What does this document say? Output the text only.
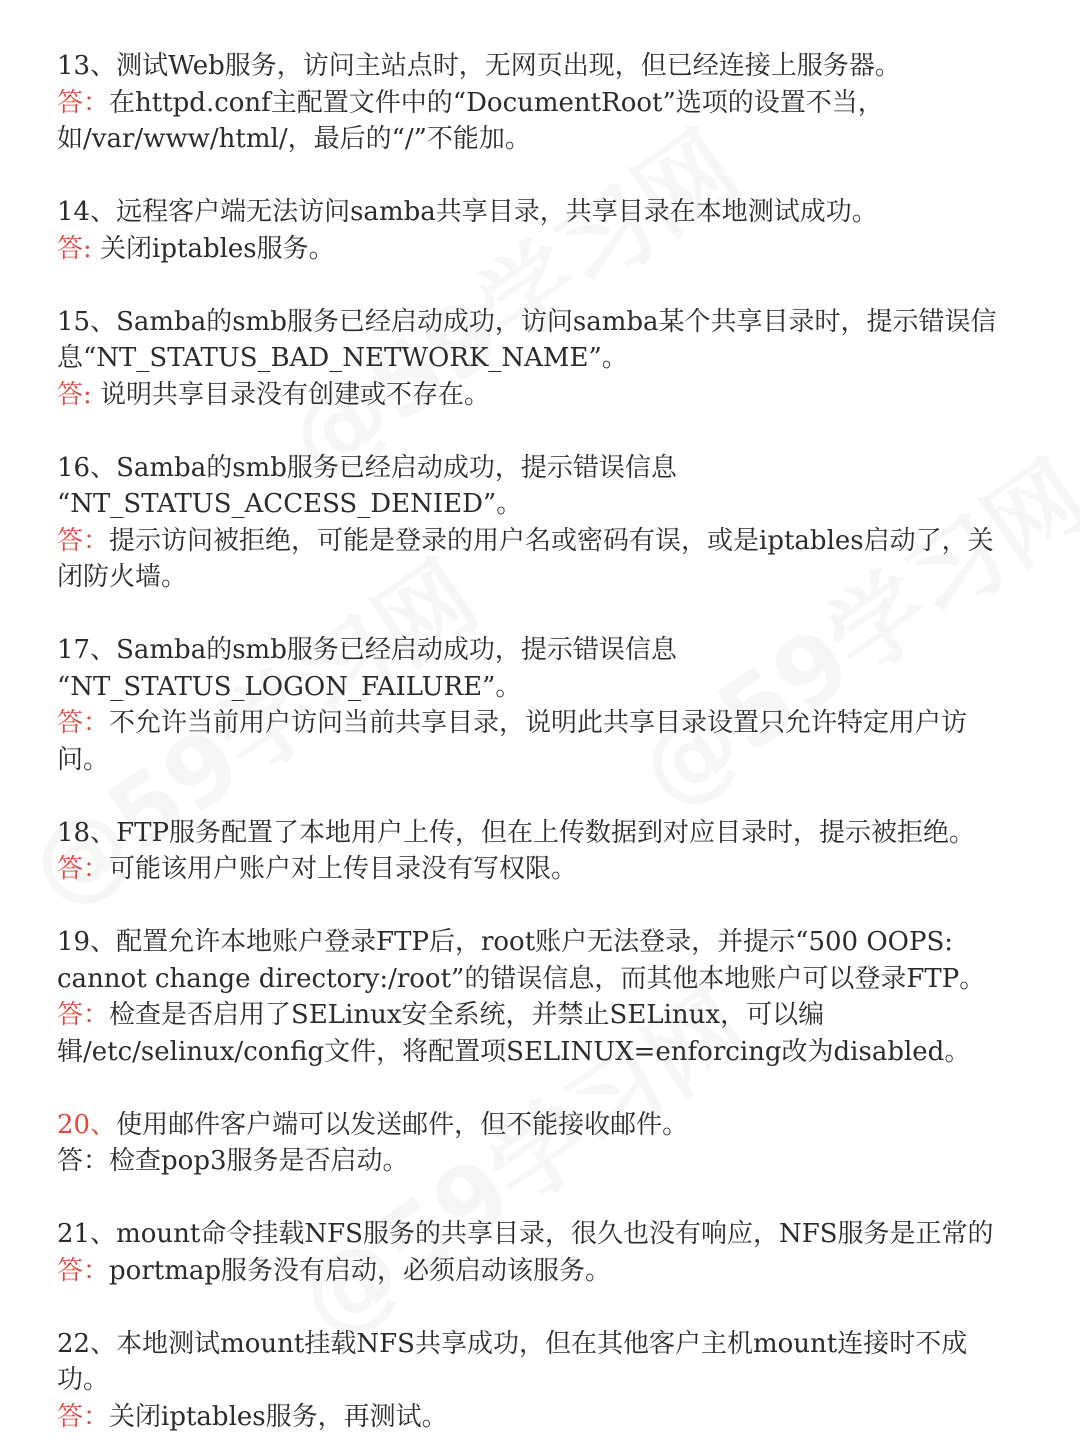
13、测试Web服务，访问主站点时，无网页出现，但已经连接上服务器。

答：在httpd.conf主配置文件中的“DocumentRoot”选项的设置不当，如/var/www/html/，最后的“/”不能加。

14、远程客户端无法访问samba共享目录，共享目录在本地测试成功。

答: 关闭iptables服务。

15、Samba的smb服务已经启动成功，访问samba某个共享目录时，提示错误信息“NT_STATUS_BAD_NETWORK_NAME”。

答: 说明共享目录没有创建或不存在。

16、Samba的smb服务已经启动成功，提示错误信息

“NT_STATUS_ACCESS_DENIED”。

答：提示访问被拒绝，可能是登录的用户名或密码有误，或是iptables启动了，关闭防火墙。

17、Samba的smb服务已经启动成功，提示错误信息

“NT_STATUS_LOGON_FAILURE”。

答：不允许当前用户访问当前共享目录，说明此共享目录设置只允许特定用户访问。

18、FTP服务配置了本地用户上传，但在上传数据到对应目录时，提示被拒绝。

答：可能该用户账户对上传目录没有写权限。

19、配置允许本地账户登录FTP后，root账户无法登录，并提示“500 OOPS: cannot change directory:/root”的错误信息，而其他本地账户可以登录FTP。

答：检查是否启用了SELinux安全系统，并禁止SELinux，可以编

辑/etc/selinux/config文件，将配置项SELINUX=enforcing改为disabled。

20、使用邮件客户端可以发送邮件，但不能接收邮件。

答：检查pop3服务是否启动。

21、mount命令挂载NFS服务的共享目录，很久也没有响应，NFS服务是正常的

答：portmap服务没有启动，必须启动该服务。

22、本地测试mount挂载NFS共享成功，但在其他客户主机mount连接时不成功。

答：关闭iptables服务，再测试。
